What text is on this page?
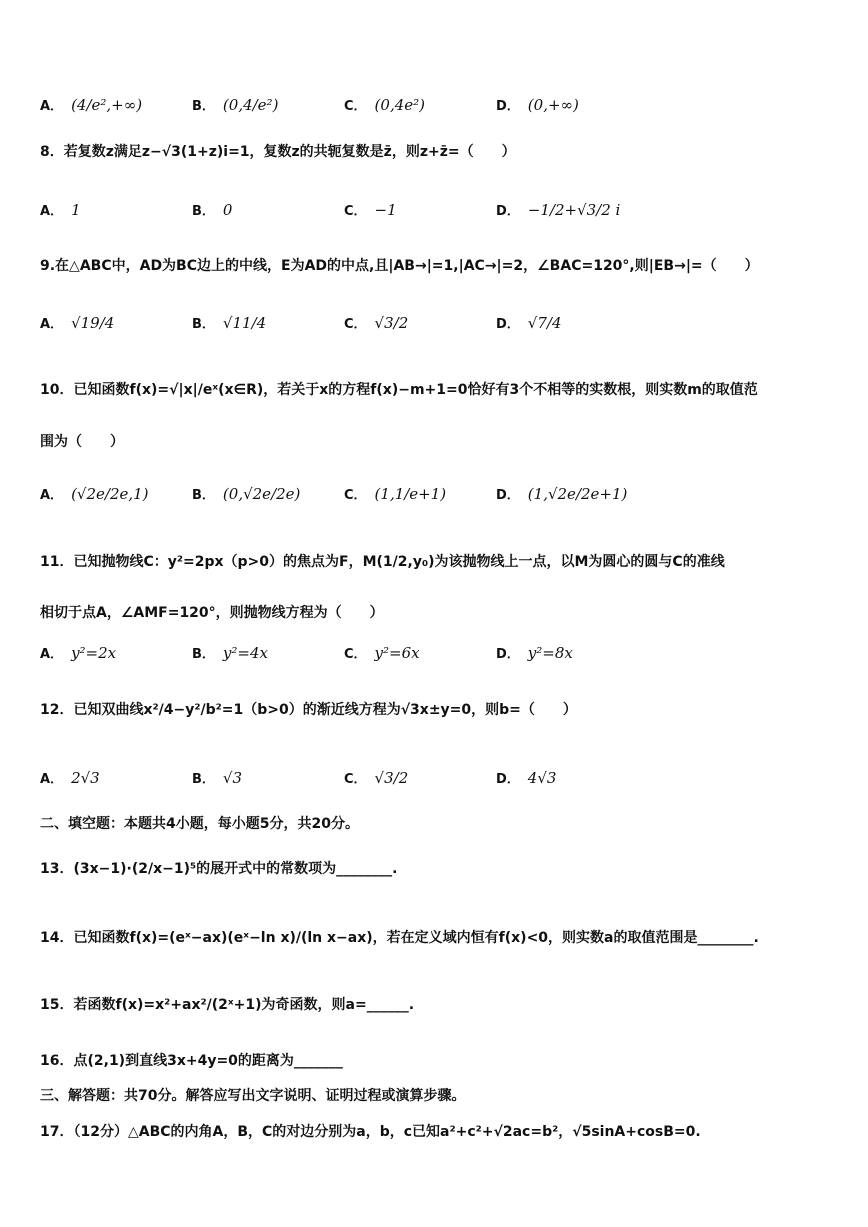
A． (4/e²,+∞)	B． (0,4/e²)	C． (0,4e²)	D． (0,+∞)
8．若复数z满足z−√3(1+z)i=1，复数z的共轭复数是z̄，则z+z̄=（　　）
A． 1	B． 0	C． −1	D． −1/2+√3/2 i
9.在△ABC中，AD为BC边上的中线，E为AD的中点,且|AB→|=1,|AC→|=2，∠BAC=120°,则|EB→|=（　　）
A． √19/4	B． √11/4	C． √3/2	D． √7/4
10．已知函数f(x)=√|x|/eˣ(x∈R)，若关于x的方程f(x)−m+1=0恰好有3个不相等的实数根，则实数m的取值范
围为（　　）
A． (√2e/2e,1)	B． (0,√2e/2e)	C． (1,1/e+1)	D． (1,√2e/2e+1)
11．已知抛物线C：y²=2px（p>0）的焦点为F，M(1/2,y₀)为该抛物线上一点，以M为圆心的圆与C的准线
相切于点A，∠AMF=120°，则抛物线方程为（　　）
A． y²=2x	B． y²=4x	C． y²=6x	D． y²=8x
12．已知双曲线x²/4−y²/b²=1（b>0）的渐近线方程为√3x±y=0，则b=（　　）
A． 2√3	B． √3	C． √3/2	D． 4√3
二、填空题：本题共4小题，每小题5分，共20分。
13．(3x−1)·(2/x−1)⁵的展开式中的常数项为________.
14．已知函数f(x)=(eˣ−ax)(eˣ−ln x)/(ln x−ax)，若在定义域内恒有f(x)<0，则实数a的取值范围是________.
15．若函数f(x)=x²+ax²/(2ˣ+1)为奇函数，则a=______.
16．点(2,1)到直线3x+4y=0的距离为_______
三、解答题：共70分。解答应写出文字说明、证明过程或演算步骤。
17．（12分）△ABC的内角A，B，C的对边分别为a，b，c已知a²+c²+√2ac=b²，√5sinA+cosB=0.
